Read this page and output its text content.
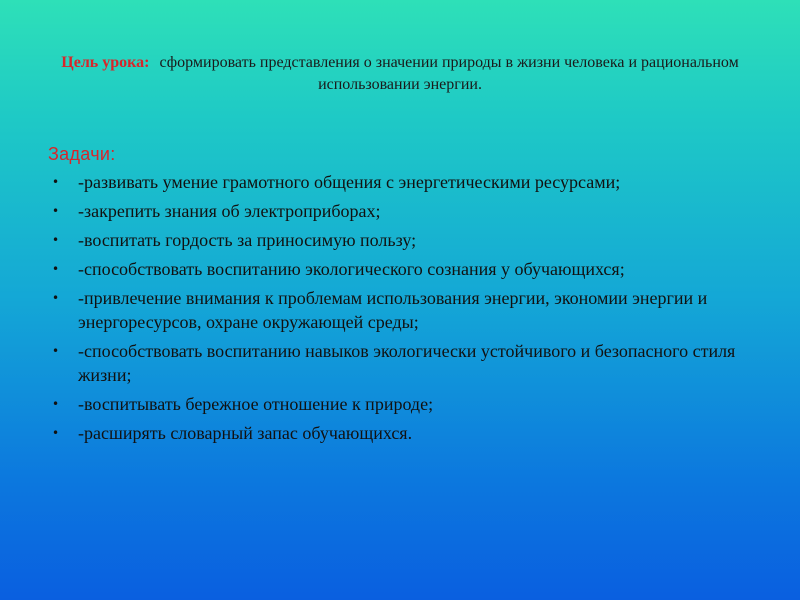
Цель урока: сформировать представления о значении природы в жизни человека и рациональном использовании энергии.
Задачи:
• -развивать умение грамотного общения с энергетическими ресурсами;
• -закрепить знания об электроприборах;
• -воспитать гордость за приносимую пользу;
• -способствовать воспитанию экологического сознания у обучающихся;
• -привлечение внимания к проблемам использования энергии, экономии энергии и энергоресурсов, охране окружающей среды;
• -способствовать воспитанию навыков экологически устойчивого и безопасного стиля жизни;
• -воспитывать бережное отношение к природе;
• -расширять словарный запас обучающихся.
